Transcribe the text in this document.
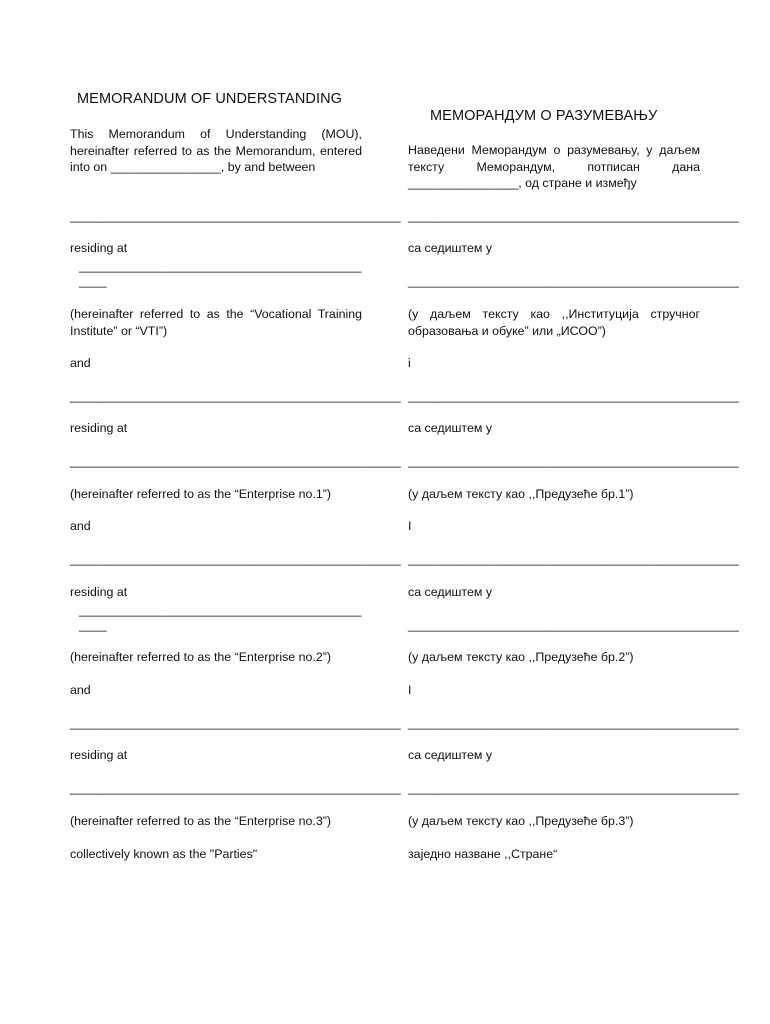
MEMORANDUM OF UNDERSTANDING

This Memorandum of Understanding (MOU), hereinafter referred to as the Memorandum, entered into on ________________, by and between

________________________________________________

residing at

_____________________________________________

(hereinafter referred to as the “Vocational Training Institute” or “VTI”)

and

________________________________________________

residing at

________________________________________________

(hereinafter referred to as the “Enterprise no.1”)

and

________________________________________________

residing at

_____________________________________________

(hereinafter referred to as the “Enterprise no.2”)

and

________________________________________________

residing at

________________________________________________

(hereinafter referred to as the “Enterprise no.3”)

collectively known as the "Parties"

МЕМОРАНДУМ О РАЗУМЕВАЊУ

Наведени Меморандум о разумевању, у даљем тексту Меморандум, потписан дана ________________, од стране и између

________________________________________________

са седиштем у

________________________________________________

(у даљем тексту као ,,Институција стручног образовања и обуке” или „ИСОО”)

i

________________________________________________

са седиштем у

________________________________________________

(у даљем тексту као ,,Предузеће бр.1”)

I

________________________________________________

са седиштем у

________________________________________________

(у даљем тексту као ,,Предузеће бр.2”)

I

________________________________________________

са седиштем у

________________________________________________

(у даљем тексту као ,,Предузеће бр.3”)

заједно назване ,,Стране“
